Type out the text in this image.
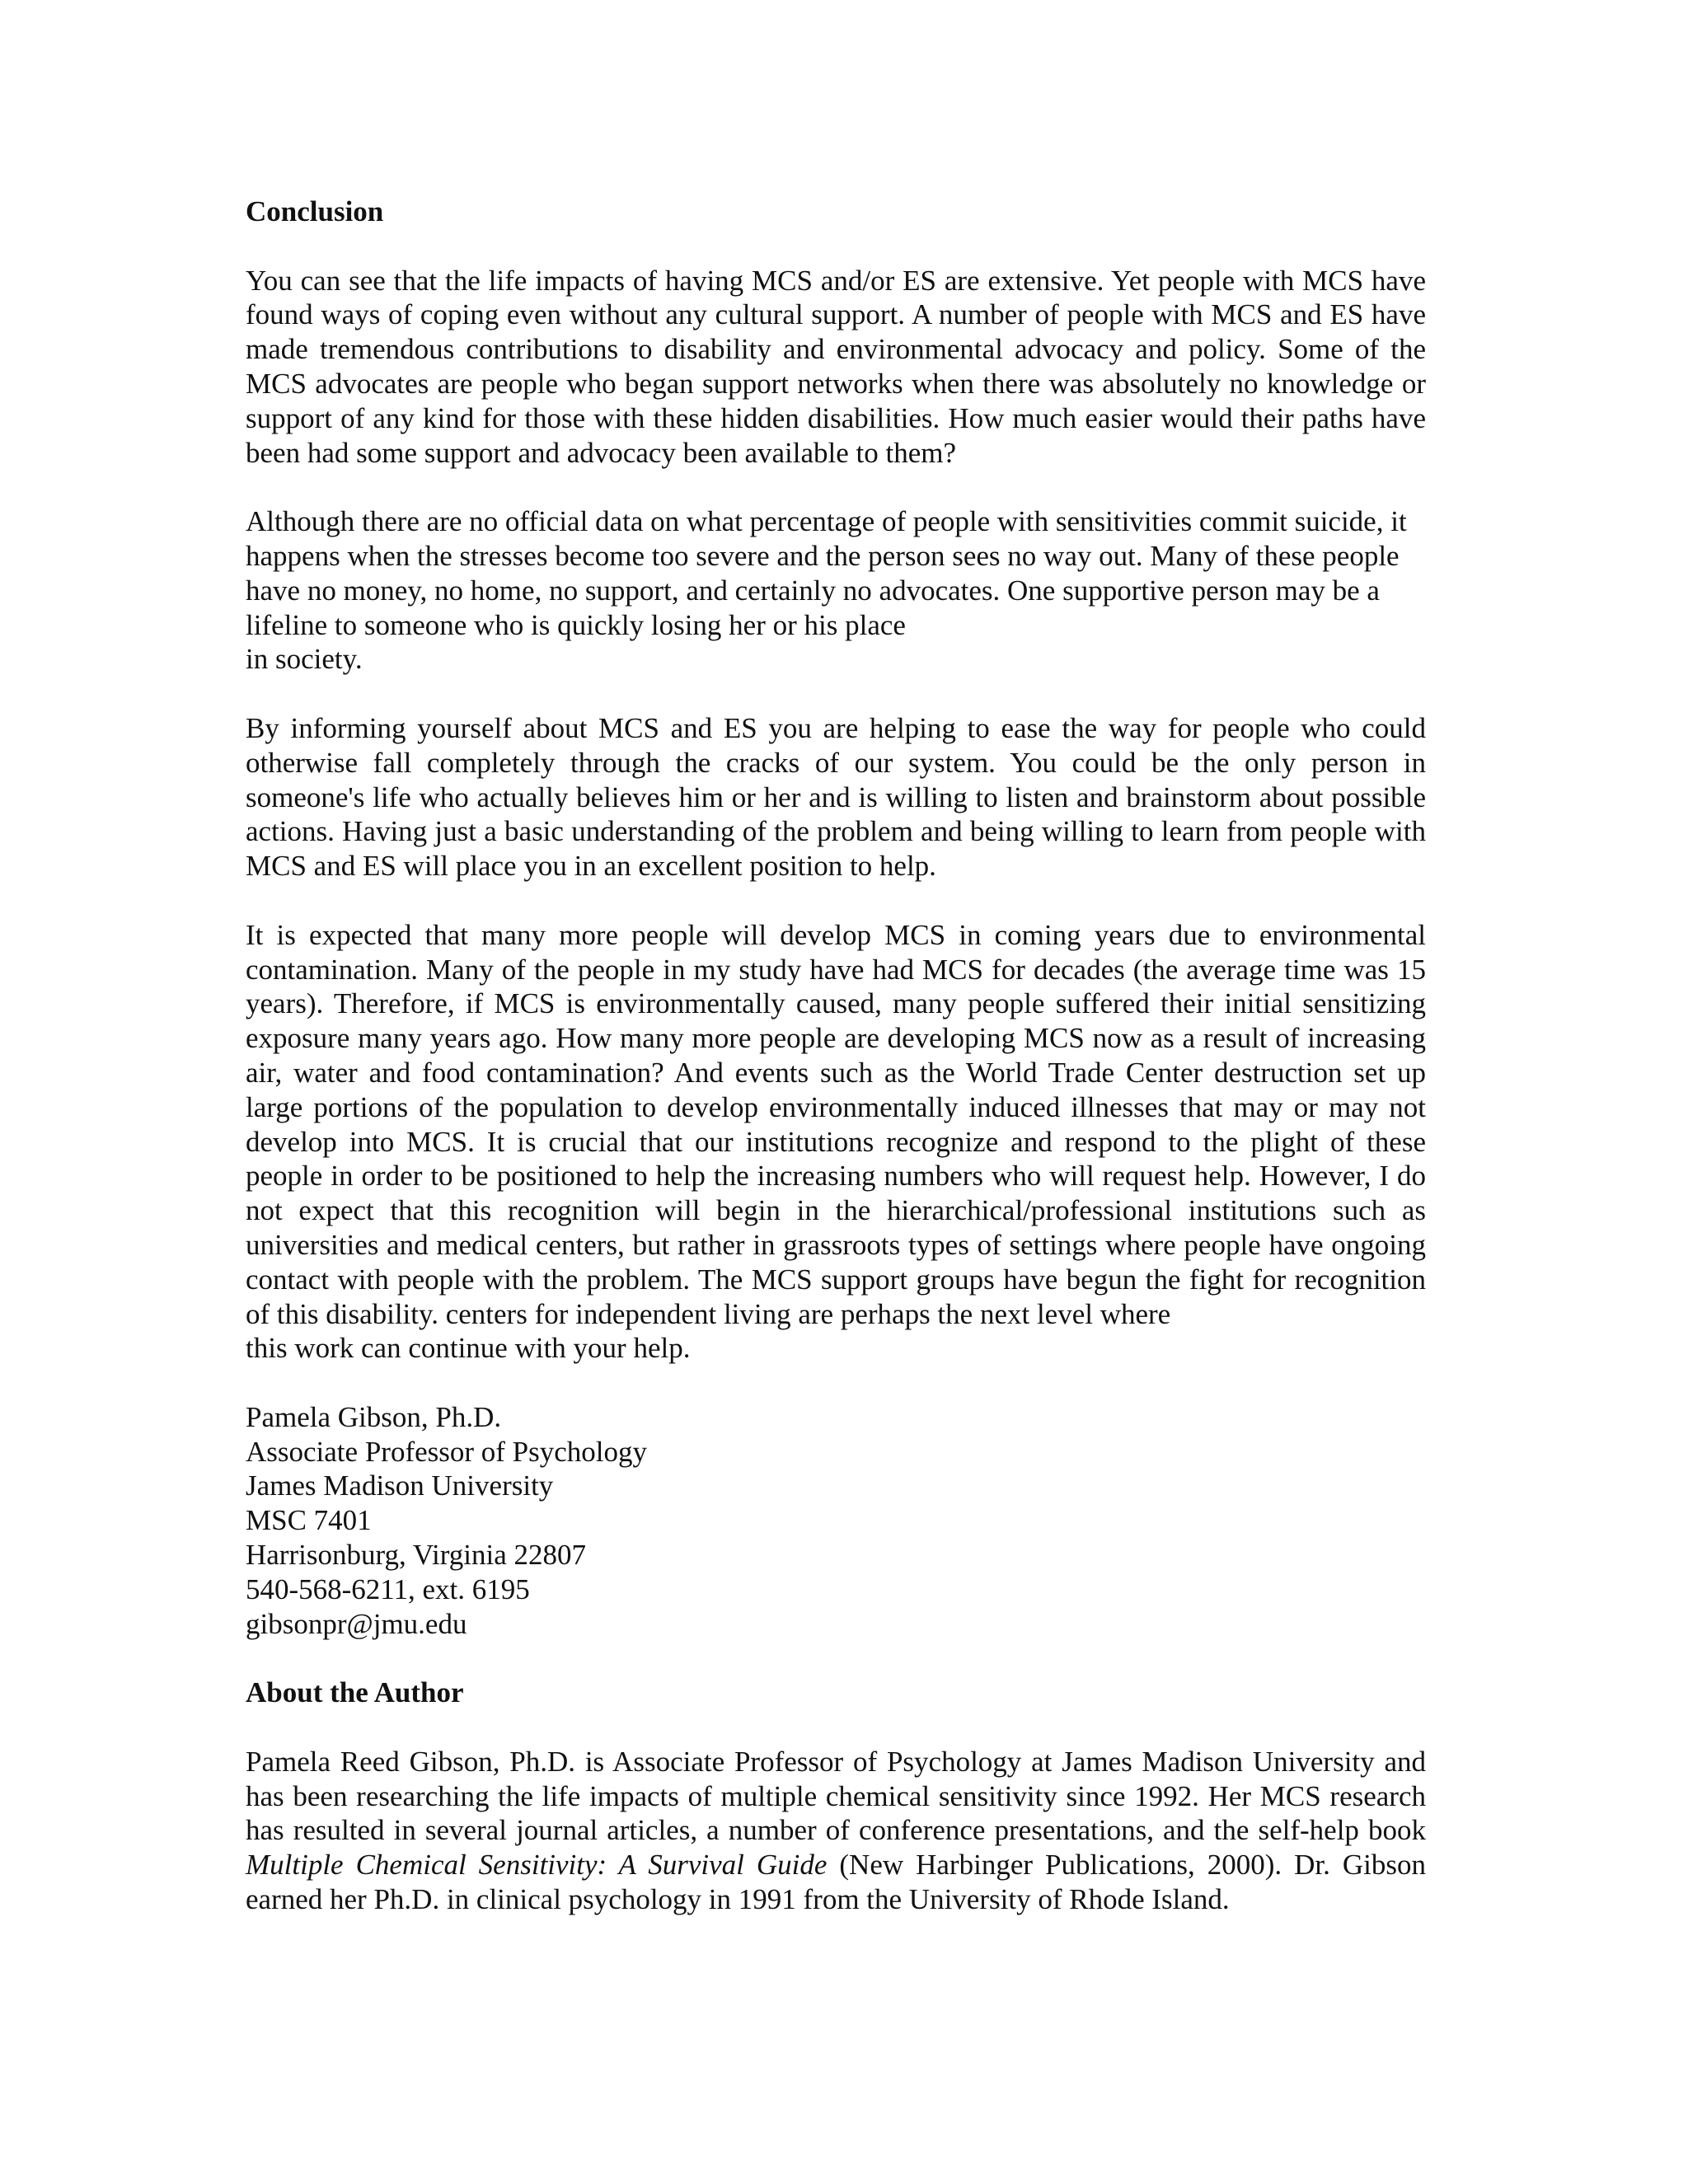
Conclusion
You can see that the life impacts of having MCS and/or ES are extensive. Yet people with MCS have found ways of coping even without any cultural support. A number of people with MCS and ES have made tremendous contributions to disability and environmental advocacy and policy. Some of the MCS advocates are people who began support networks when there was absolutely no knowledge or support of any kind for those with these hidden disabilities. How much easier would their paths have been had some support and advocacy been available to them?
Although there are no official data on what percentage of people with sensitivities commit suicide, it happens when the stresses become too severe and the person sees no way out. Many of these people have no money, no home, no support, and certainly no advocates. One supportive person may be a lifeline to someone who is quickly losing her or his place
in society.
By informing yourself about MCS and ES you are helping to ease the way for people who could otherwise fall completely through the cracks of our system. You could be the only person in someone's life who actually believes him or her and is willing to listen and brainstorm about possible actions. Having just a basic understanding of the problem and being willing to learn from people with MCS and ES will place you in an excellent position to help.
It is expected that many more people will develop MCS in coming years due to environmental contamination. Many of the people in my study have had MCS for decades (the average time was 15 years). Therefore, if MCS is environmentally caused, many people suffered their initial sensitizing exposure many years ago. How many more people are developing MCS now as a result of increasing air, water and food contamination? And events such as the World Trade Center destruction set up large portions of the population to develop environmentally induced illnesses that may or may not develop into MCS. It is crucial that our institutions recognize and respond to the plight of these people in order to be positioned to help the increasing numbers who will request help. However, I do not expect that this recognition will begin in the hierarchical/professional institutions such as universities and medical centers, but rather in grassroots types of settings where people have ongoing contact with people with the problem. The MCS support groups have begun the fight for recognition of this disability. centers for independent living are perhaps the next level where
this work can continue with your help.
Pamela Gibson, Ph.D.
Associate Professor of Psychology
James Madison University
MSC 7401
Harrisonburg, Virginia 22807
540-568-6211, ext. 6195
gibsonpr@jmu.edu
About the Author
Pamela Reed Gibson, Ph.D. is Associate Professor of Psychology at James Madison University and has been researching the life impacts of multiple chemical sensitivity since 1992. Her MCS research has resulted in several journal articles, a number of conference presentations, and the self-help book Multiple Chemical Sensitivity: A Survival Guide (New Harbinger Publications, 2000). Dr. Gibson earned her Ph.D. in clinical psychology in 1991 from the University of Rhode Island.
